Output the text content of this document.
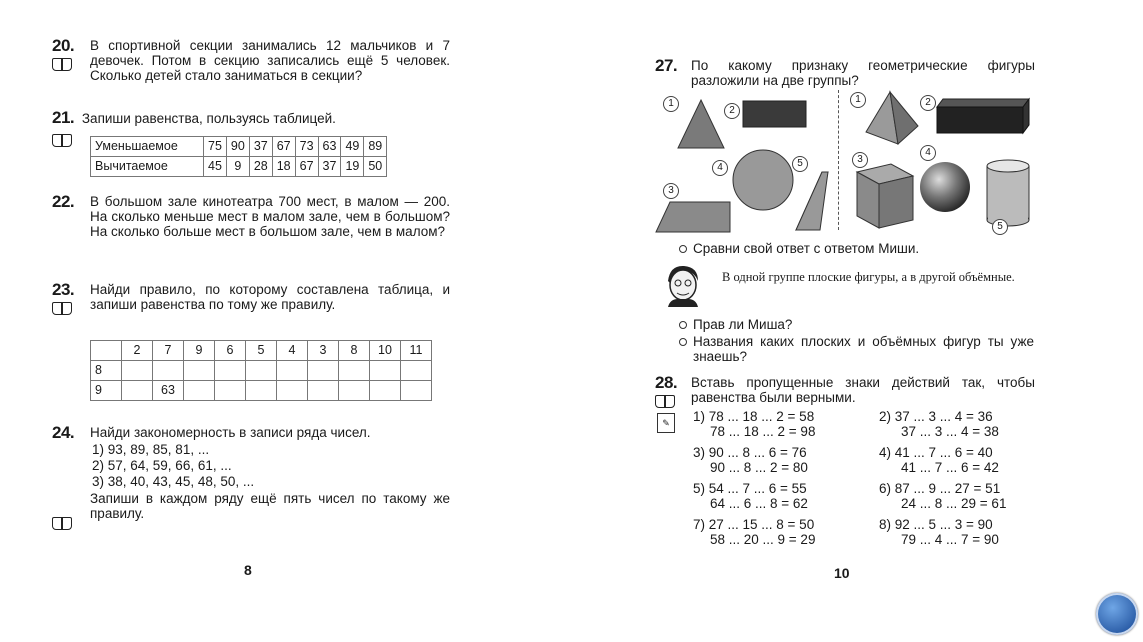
20. В спортивной секции занимались 12 мальчиков и 7 девочек. Потом в секцию записались ещё 5 человек. Сколько детей стало заниматься в секции?
21. Запиши равенства, пользуясь таблицей.
Уменьшаемое	75	90	37	67	73	63	49	89
Вычитаемое	45	9	28	18	67	37	19	50
22. В большом зале кинотеатра 700 мест, в малом — 200. На сколько меньше мест в малом зале, чем в большом? На сколько больше мест в большом зале, чем в малом?
23. Найди правило, по которому составлена таблица, и запиши равенства по тому же правилу.
	2	7	9	6	5	4	3	8	10	11
8										
9		63								
24. Найди закономерность в записи ряда чисел.
1) 93, 89, 85, 81, ...
2) 57, 64, 59, 66, 61, ...
3) 38, 40, 43, 45, 48, 50, ...
Запиши в каждом ряду ещё пять чисел по такому же правилу.
8
27. По какому признаку геометрические фигуры разложили на две группы?
1
2
4	5
3
1	2
3
4
5
Сравни свой ответ с ответом Миши.
В одной группе плоские фигуры, а в другой объёмные.
Прав ли Миша?
Названия каких плоских и объёмных фигур ты уже знаешь?
28.
✎
Вставь пропущенные знаки действий так, чтобы равенства были верными.
1) 78 ... 18 ... 2 = 58
78 ... 18 ... 2 = 98
2) 37 ... 3 ... 4 = 36
37 ... 3 ... 4 = 38
3) 90 ... 8 ... 6 = 76
90 ... 8 ... 2 = 80
4) 41 ... 7 ... 6 = 40
41 ... 7 ... 6 = 42
5) 54 ... 7 ... 6 = 55
64 ... 6 ... 8 = 62
6) 87 ... 9 ... 27 = 51
24 ... 8 ... 29 = 61
7) 27 ... 15 ... 8 = 50
58 ... 20 ... 9 = 29
8) 92 ... 5 ... 3 = 90
79 ... 4 ... 7 = 90
10
